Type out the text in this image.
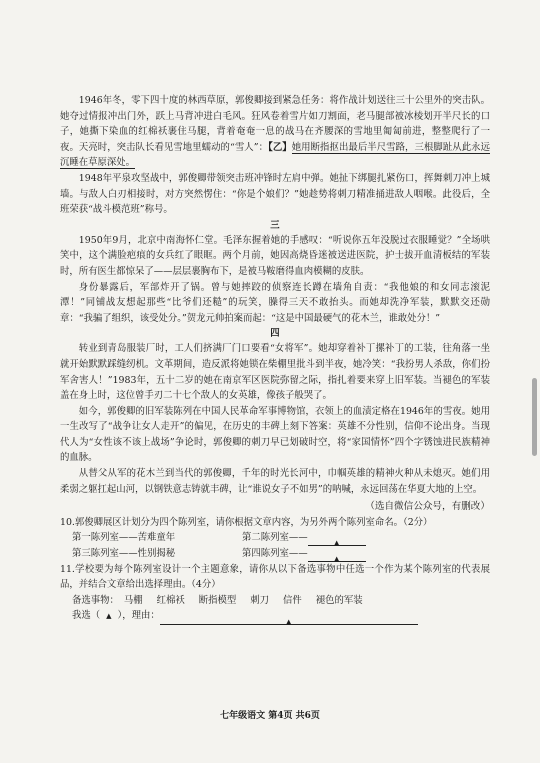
1946年冬，零下四十度的林西草原，郭俊卿接到紧急任务：将作战计划送往三十公里外的突击队。她夺过情报冲出门外，跃上马背冲进白毛风。狂风卷着雪片如刀割面，老马腿部被冰棱划开半尺长的口子，她撕下染血的红棉袄裹住马腿，背着奄奄一息的战马在齐腰深的雪地里匍匐前进，整整爬行了一夜。天亮时，突击队长看见雪地里蠕动的“雪人”：【乙】她用断指抠出最后半尺雪路，三根脚趾从此永远沉睡在草原深处。

1948年平泉攻坚战中，郭俊卿带领突击班冲锋时左肩中弹。她扯下绑腿扎紧伤口，挥舞刺刀冲上城墙。与敌人白刃相接时，对方突然愣住：“你是个娘们？”她趁势将刺刀精准捅进敌人咽喉。此役后，全班荣获“战斗模范班”称号。

三

1950年9月，北京中南海怀仁堂。毛泽东握着她的手感叹：“听说你五年没脱过衣服睡觉？”全场哄笑中，这个满脸疤痕的女兵红了眼眶。两个月前，她因高烧昏迷被送进医院，护士拔开血清板结的军装时，所有医生都惊呆了——层层裹胸布下，是被马鞍磨得血肉模糊的皮肤。

身份暴露后，军部炸开了锅。曾与她摔跤的侦察连长蹲在墙角自责：“我他娘的和女同志滚泥潭！”同铺战友想起那些“比爷们还糙”的玩笑，臊得三天不敢抬头。而她却洗净军装，默默交还勋章：“我骗了组织，该受处分。”贺龙元帅拍案而起：“这是中国最硬气的花木兰，谁敢处分！”

四

转业到青岛服装厂时，工人们挤满厂门口要看“女将军”。她却穿着补丁摞补丁的工装，往角落一坐就开始默默踩缝纫机。文革期间，造反派将她锁在柴棚里批斗到半夜，她冷笑：“我扮男人杀敌，你们扮军舍害人！”1983年，五十二岁的她在南京军区医院弥留之际，指扎着要来穿上旧军装。当褪色的军装盖在身上时，这位曾手刃二十七个敌人的女英雄，像孩子般哭了。

如今，郭俊卿的旧军装陈列在中国人民革命军事博物馆，衣领上的血渍定格在1946年的雪夜。她用一生改写了“战争让女人走开”的偏见，在历史的丰碑上刻下答案：英雄不分性别，信仰不论出身。当现代人为“女性该不该上战场”争论时，郭俊卿的刺刀早已划破时空，将“家国情怀”四个字锈蚀进民族精神的血脉。

从替父从军的花木兰到当代的郭俊卿，千年的时光长河中，巾帼英雄的精神火种从未熄灭。她们用柔弱之躯扛起山河，以钢铁意志铸就丰碑，让“谁说女子不如男”的呐喊，永远回荡在华夏大地的上空。

（选自微信公众号，有删改）

10.郭俊卿展区计划分为四个陈列室，请你根据文章内容，为另外两个陈列室命名。（2分）

第一陈列室——苦难童年	第二陈列室——	▲
第三陈列室——性别揭秘	第四陈列室——	▲

11.学校要为每个陈列室设计一个主题意象，请你从以下备选事物中任选一个作为某个陈列室的代表展品，并结合文章给出选择理由。（4分）

备选事物： 马棚 红棉袄 断指模型 刺刀 信件 褪色的军装
我选（ ▲ ），理由：▲
七年级语文 第4页 共6页
